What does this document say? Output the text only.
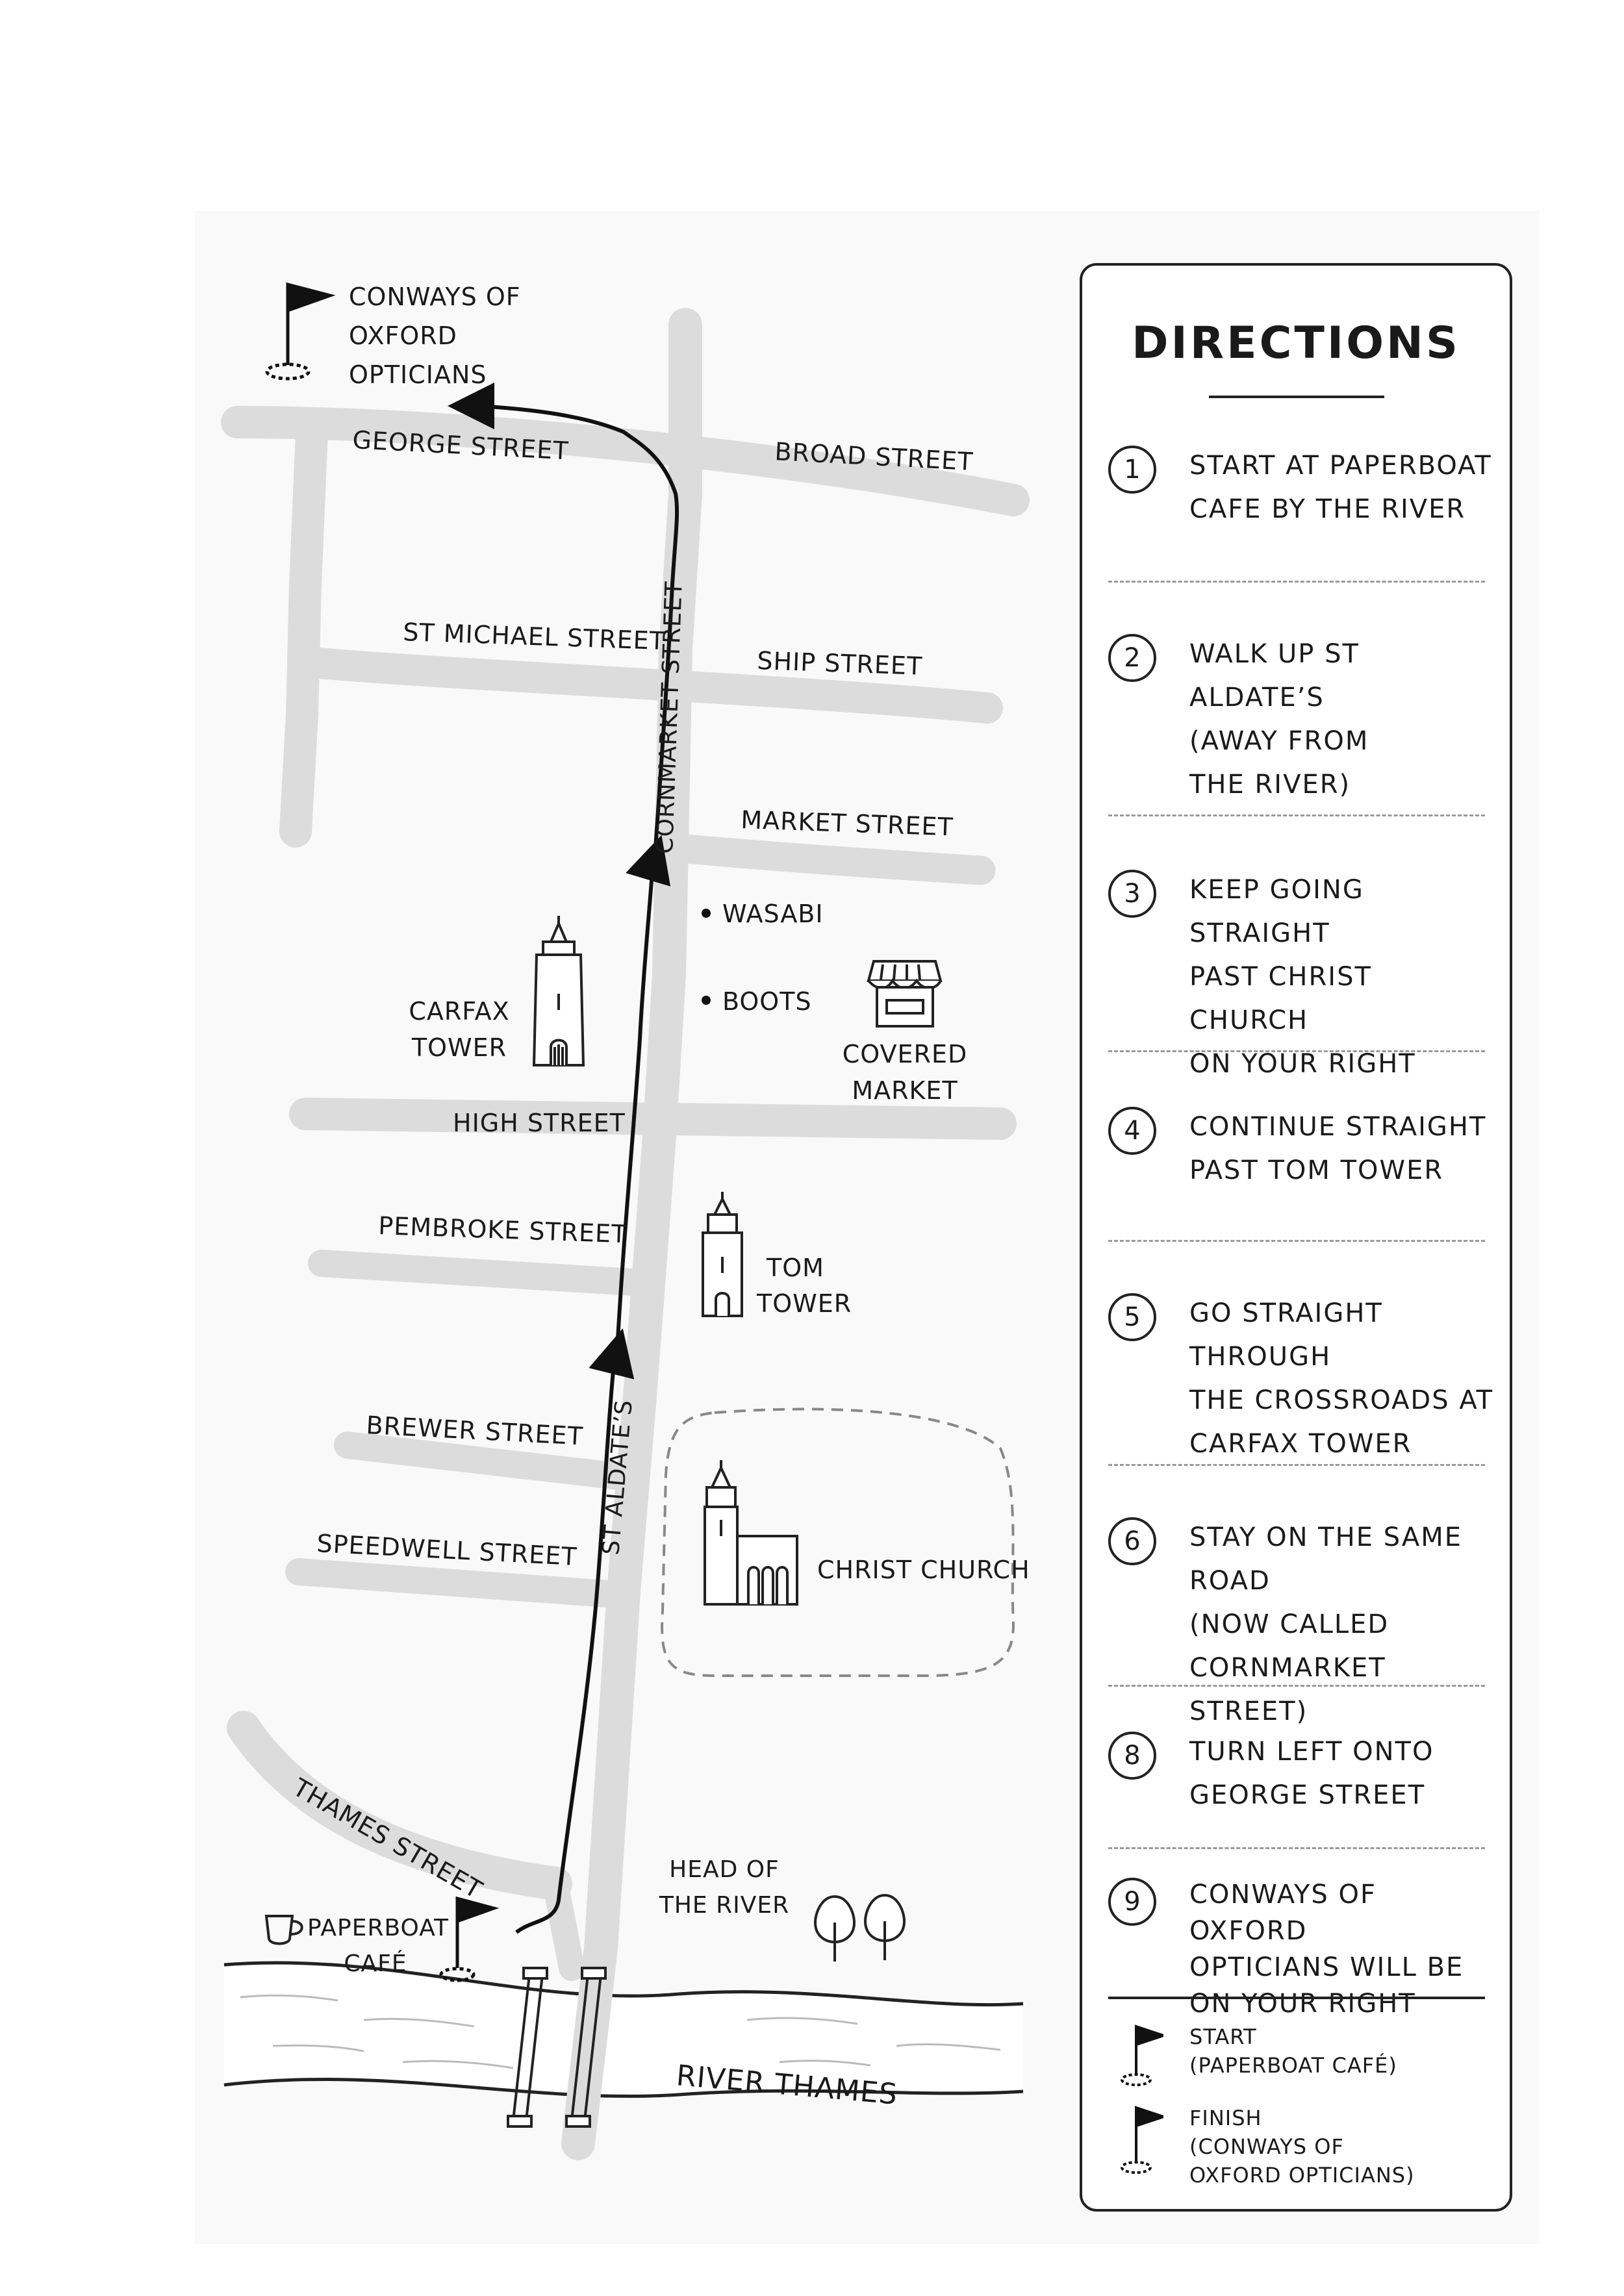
GEORGE STREET	BROAD STREET
ST MICHAEL STREET
SHIP STREET
CORNMARKET STREET MARKET STREET
HIGH STREET
PEMBROKE STREET
ST ALDATE’S
BREWER STREET
SPEEDWELL STREET
THAMES STREET
CONWAYS OF
OXFORD
OPTICIANS
WASABI
BOOTS
CARFAX
TOWER	COVERED
MARKET
TOM
TOWER
CHRIST CHURCH
HEAD OF
THE RIVER
PAPERBOAT
CAFÉ
RIVER THAMES
DIRECTIONS
1	START AT PAPERBOAT
CAFE BY THE RIVER
2	WALK UP ST ALDATE’S
(AWAY FROM
THE RIVER)
3	KEEP GOING STRAIGHT
PAST CHRIST CHURCH
ON YOUR RIGHT
4	CONTINUE STRAIGHT
PAST TOM TOWER
5	GO STRAIGHT THROUGH
THE CROSSROADS AT
CARFAX TOWER
6	STAY ON THE SAME ROAD
(NOW CALLED
CORNMARKET STREET)
8	TURN LEFT ONTO
GEORGE STREET
9	CONWAYS OF OXFORD
OPTICIANS WILL BE
ON YOUR RIGHT
START
(PAPERBOAT CAFÉ)
FINISH
(CONWAYS OF
OXFORD OPTICIANS)
